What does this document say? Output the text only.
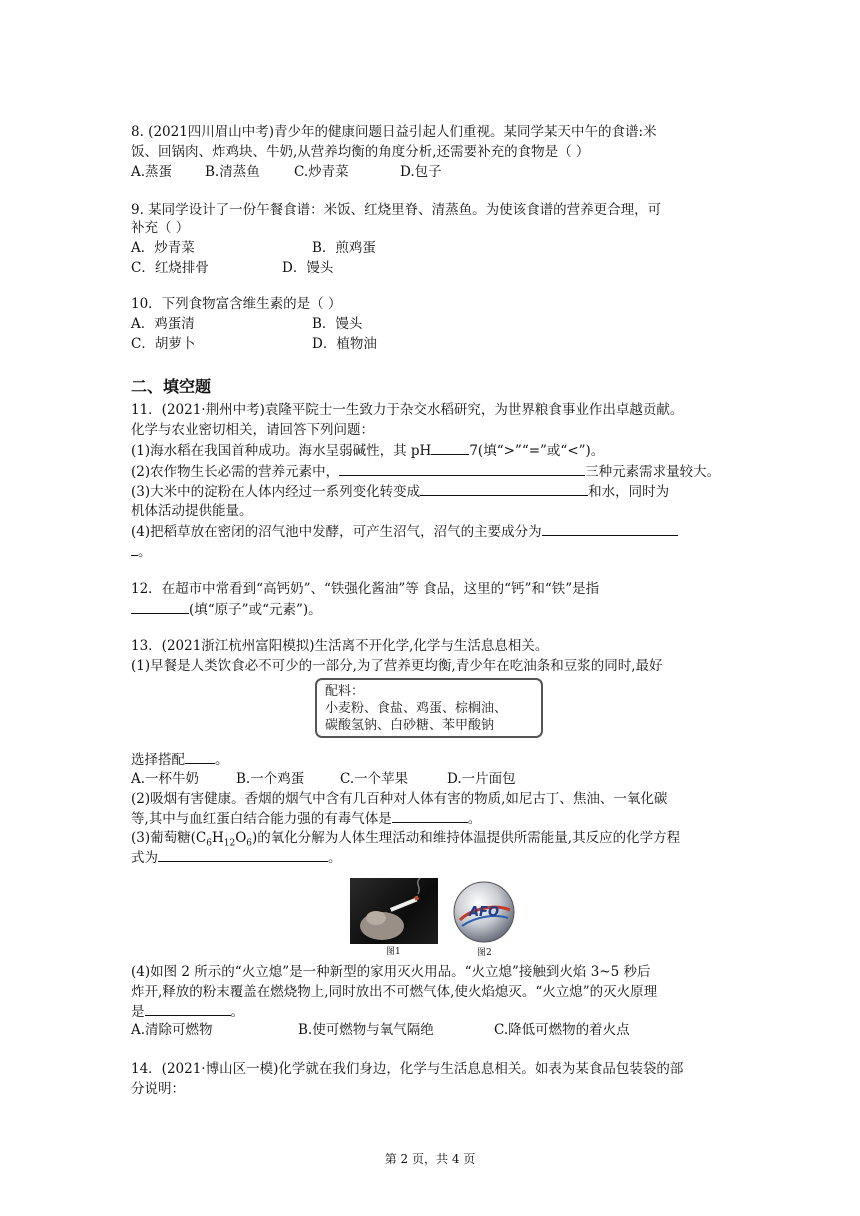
8. (2021四川眉山中考)青少年的健康问题日益引起人们重视。某同学某天中午的食谱:米
饭、回锅肉、炸鸡块、牛奶,从营养均衡的角度分析,还需要补充的食物是（ ）
A.蒸蛋 B.清蒸鱼	C.炒青菜	D.包子
9. 某同学设计了一份午餐食谱：米饭、红烧里脊、清蒸鱼。为使该食谱的营养更合理，可
补充（ ）
A．炒青菜	B．煎鸡蛋
C．红烧排骨	D．馒头
10．下列食物富含维生素的是（ ）
A．鸡蛋清	B．馒头
C．胡萝卜	D．植物油
二、填空题
11．(2021·荆州中考)袁隆平院士一生致力于杂交水稻研究，为世界粮食事业作出卓越贡献。
化学与农业密切相关，请回答下列问题：
(1)海水稻在我国首种成功。海水呈弱碱性，其 pH	7(填“>”“=”或“<”)。
(2)农作物生长必需的营养元素中，	三种元素需求量较大。
(3)大米中的淀粉在人体内经过一系列变化转变成	和水，同时为
机体活动提供能量。
(4)把稻草放在密闭的沼气池中发酵，可产生沼气，沼气的主要成分为
。
12．在超市中常看到“高钙奶”、“铁强化酱油”等 食品，这里的“钙”和“铁”是指
(填“原子”或“元素”)。
13．(2021浙江杭州富阳模拟)生活离不开化学,化学与生活息息相关。
(1)早餐是人类饮食必不可少的一部分,为了营养更均衡,青少年在吃油条和豆浆的同时,最好
配料：
小麦粉、食盐、鸡蛋、棕榈油、
碳酸氢钠、白砂糖、苯甲酸钠
选择搭配 。
A.一杯牛奶	B.一个鸡蛋	C.一个苹果	D.一片面包
(2)吸烟有害健康。香烟的烟气中含有几百种对人体有害的物质,如尼古丁、焦油、一氧化碳
等,其中与血红蛋白结合能力强的有毒气体是	。
(3)葡萄糖$(C_6H_{12}O_6)$的氧化分解为人体生理活动和维持体温提供所需能量,其反应的化学方程
式为	。
图1
AFO
图2
(4)如图 2 所示的“火立熄”是一种新型的家用灭火用品。“火立熄”接触到火焰 3~5 秒后
炸开,释放的粉末覆盖在燃烧物上,同时放出不可燃气体,使火焰熄灭。“火立熄”的灭火原理
是	。
A.清除可燃物	B.使可燃物与氧气隔绝	C.降低可燃物的着火点
14．(2021·博山区一模)化学就在我们身边，化学与生活息息相关。如表为某食品包装袋的部
分说明：
第 2 页，共 4 页
